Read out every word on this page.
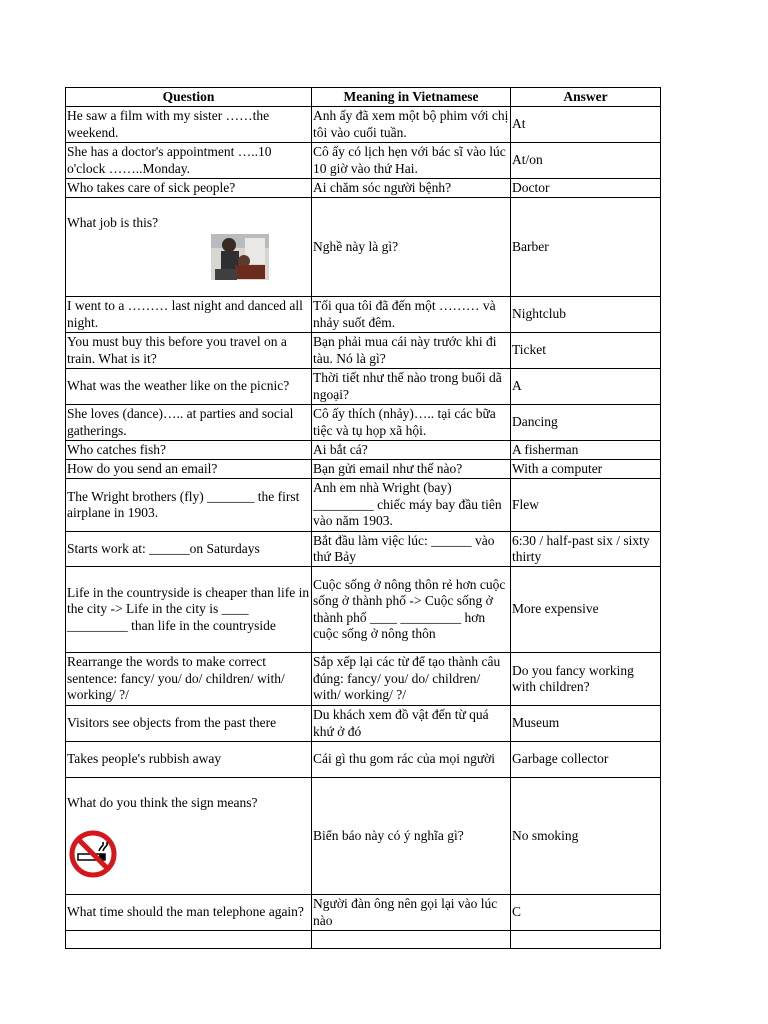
Question	Meaning in Vietnamese	Answer
He saw a film with my sister ……the weekend.	Anh ấy đã xem một bộ phim với chị tôi vào cuối tuần.	At
She has a doctor's appointment …..10 o'clock ……..Monday.	Cô ấy có lịch hẹn với bác sĩ vào lúc 10 giờ vào thứ Hai.	At/on
Who takes care of sick people?	Ai chăm sóc người bệnh?	Doctor

What job is this?	Nghề này là gì?	Barber
I went to a ……… last night and danced all night.	Tối qua tôi đã đến một ……… và nhảy suốt đêm.	Nightclub
You must buy this before you travel on a train. What is it?	Bạn phải mua cái này trước khi đi tàu. Nó là gì?	Ticket
What was the weather like on the picnic?	Thời tiết như thế nào trong buổi dã ngoại?	A
She loves (dance)….. at parties and social gatherings.	Cô ấy thích (nhảy)….. tại các bữa tiệc và tụ họp xã hội.	Dancing
Who catches fish?	Ai bắt cá?	A fisherman
How do you send an email?	Bạn gửi email như thế nào?	With a computer
The Wright brothers (fly) _______ the first airplane in 1903.	Anh em nhà Wright (bay) _________ chiếc máy bay đầu tiên vào năm 1903.	Flew
Starts work at: ______on Saturdays	Bắt đầu làm việc lúc: ______ vào thứ Bảy	6:30 / half-past six / sixty thirty
Life in the countryside is cheaper than life in the city -> Life in the city is ____ _________ than life in the countryside	Cuộc sống ở nông thôn rẻ hơn cuộc sống ở thành phố -> Cuộc sống ở thành phố ____ _________ hơn cuộc sống ở nông thôn	More expensive
Rearrange the words to make correct sentence: fancy/ you/ do/ children/ with/ working/ ?/	Sắp xếp lại các từ để tạo thành câu đúng: fancy/ you/ do/ children/ with/ working/ ?/	Do you fancy working with children?
Visitors see objects from the past there	Du khách xem đồ vật đến từ quá khứ ở đó	Museum
Takes people's rubbish away	Cái gì thu gom rác của mọi người	Garbage collector

What do you think the sign means?	Biển báo này có ý nghĩa gì?	No smoking
What time should the man telephone again?	Người đàn ông nên gọi lại vào lúc nào	C
